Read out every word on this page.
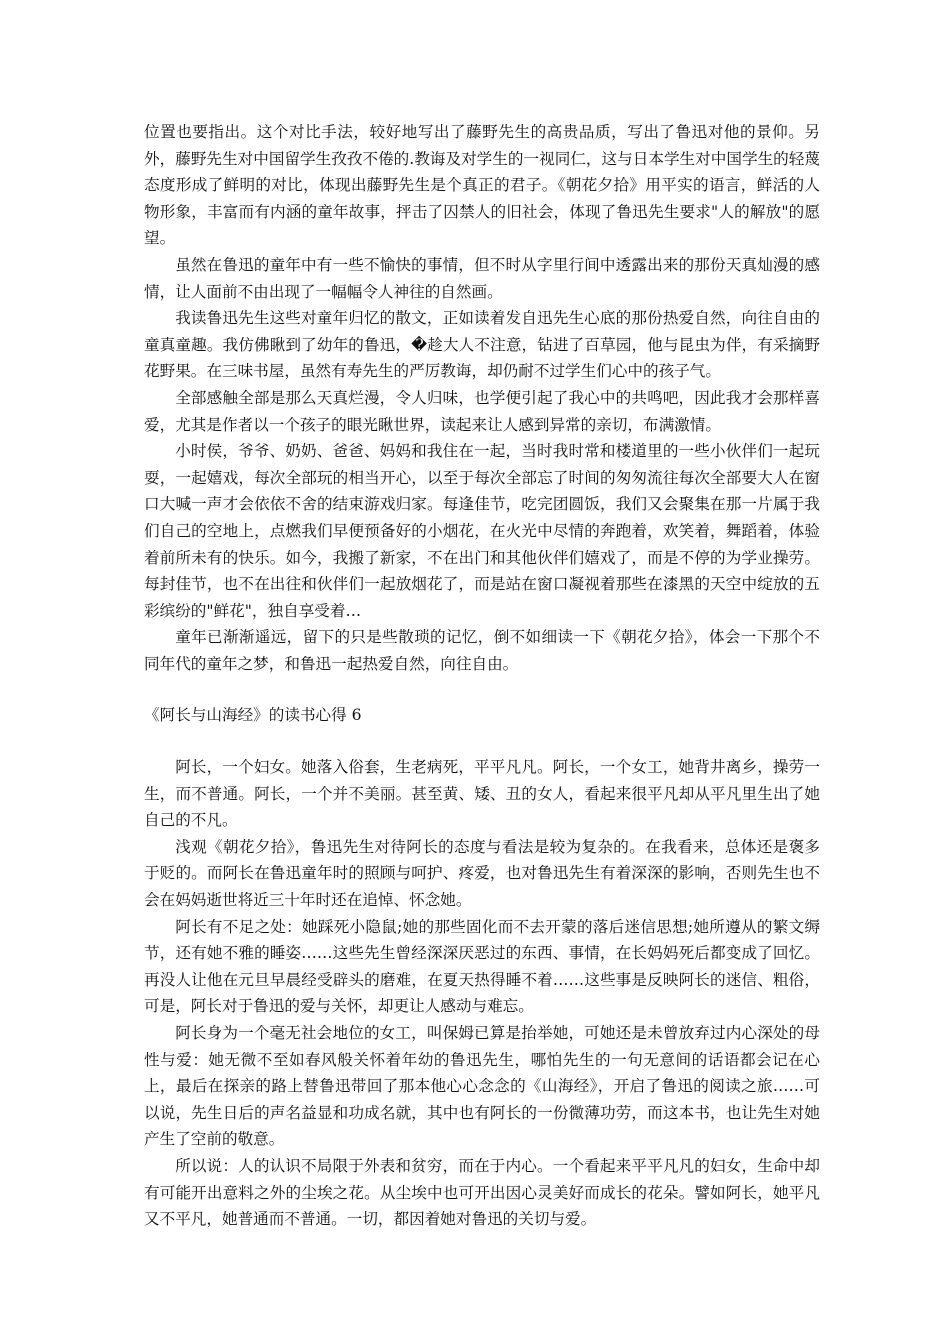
位置也要指出。这个对比手法，较好地写出了藤野先生的高贵品质，写出了鲁迅对他的景仰。另外，藤野先生对中国留学生孜孜不倦的.教诲及对学生的一视同仁，这与日本学生对中国学生的轻蔑态度形成了鲜明的对比，体现出藤野先生是个真正的君子。《朝花夕拾》用平实的语言，鲜活的人物形象，丰富而有内涵的童年故事，抨击了囚禁人的旧社会，体现了鲁迅先生要求"人的解放"的愿望。

虽然在鲁迅的童年中有一些不愉快的事情，但不时从字里行间中透露出来的那份天真灿漫的感情，让人面前不由出现了一幅幅令人神往的自然画。

我读鲁迅先生这些对童年归忆的散文，正如读着发自迅先生心底的那份热爱自然，向往自由的童真童趣。我仿佛瞅到了幼年的鲁迅，�趁大人不注意，钻进了百草园，他与昆虫为伴，有采摘野花野果。在三味书屋，虽然有寿先生的严厉教诲，却仍耐不过学生们心中的孩子气。

全部感触全部是那么天真烂漫，令人归味，也学便引起了我心中的共鸣吧，因此我才会那样喜爱，尤其是作者以一个孩子的眼光瞅世界，读起来让人感到异常的亲切，布满激情。

小时侯，爷爷、奶奶、爸爸、妈妈和我住在一起，当时我时常和楼道里的一些小伙伴们一起玩耍，一起嬉戏，每次全部玩的相当开心，以至于每次全部忘了时间的匆匆流往每次全部要大人在窗口大喊一声才会依依不舍的结束游戏归家。每逢佳节，吃完团圆饭，我们又会聚集在那一片属于我们自己的空地上，点燃我们早便预备好的小烟花，在火光中尽情的奔跑着，欢笑着，舞蹈着，体验着前所未有的快乐。如今，我搬了新家，不在出门和其他伙伴们嬉戏了，而是不停的为学业操劳。每封佳节，也不在出往和伙伴们一起放烟花了，而是站在窗口凝视着那些在漆黑的天空中绽放的五彩缤纷的"鲜花"，独自享受着…

童年已渐渐遥远，留下的只是些散琐的记忆，倒不如细读一下《朝花夕拾》，体会一下那个不同年代的童年之梦，和鲁迅一起热爱自然，向往自由。

《阿长与山海经》的读书心得 6

阿长，一个妇女。她落入俗套，生老病死，平平凡凡。阿长，一个女工，她背井离乡，操劳一生，而不普通。阿长，一个并不美丽。甚至黄、矮、丑的女人，看起来很平凡却从平凡里生出了她自己的不凡。

浅观《朝花夕拾》，鲁迅先生对待阿长的态度与看法是较为复杂的。在我看来，总体还是褒多于贬的。而阿长在鲁迅童年时的照顾与呵护、疼爱，也对鲁迅先生有着深深的影响，否则先生也不会在妈妈逝世将近三十年时还在追悼、怀念她。

阿长有不足之处：她踩死小隐鼠;她的那些固化而不去开蒙的落后迷信思想;她所遵从的繁文缛节，还有她不雅的睡姿……这些先生曾经深深厌恶过的东西、事情，在长妈妈死后都变成了回忆。再没人让他在元旦早晨经受辟头的磨难，在夏天热得睡不着……这些事是反映阿长的迷信、粗俗，可是，阿长对于鲁迅的爱与关怀，却更让人感动与难忘。

阿长身为一个毫无社会地位的女工，叫保姆已算是抬举她，可她还是未曾放弃过内心深处的母性与爱：她无微不至如春风般关怀着年幼的鲁迅先生，哪怕先生的一句无意间的话语都会记在心上，最后在探亲的路上替鲁迅带回了那本他心心念念的《山海经》，开启了鲁迅的阅读之旅……可以说，先生日后的声名益显和功成名就，其中也有阿长的一份微薄功劳，而这本书，也让先生对她产生了空前的敬意。

所以说：人的认识不局限于外表和贫穷，而在于内心。一个看起来平平凡凡的妇女，生命中却有可能开出意料之外的尘埃之花。从尘埃中也可开出因心灵美好而成长的花朵。譬如阿长，她平凡又不平凡，她普通而不普通。一切，都因着她对鲁迅的关切与爱。
